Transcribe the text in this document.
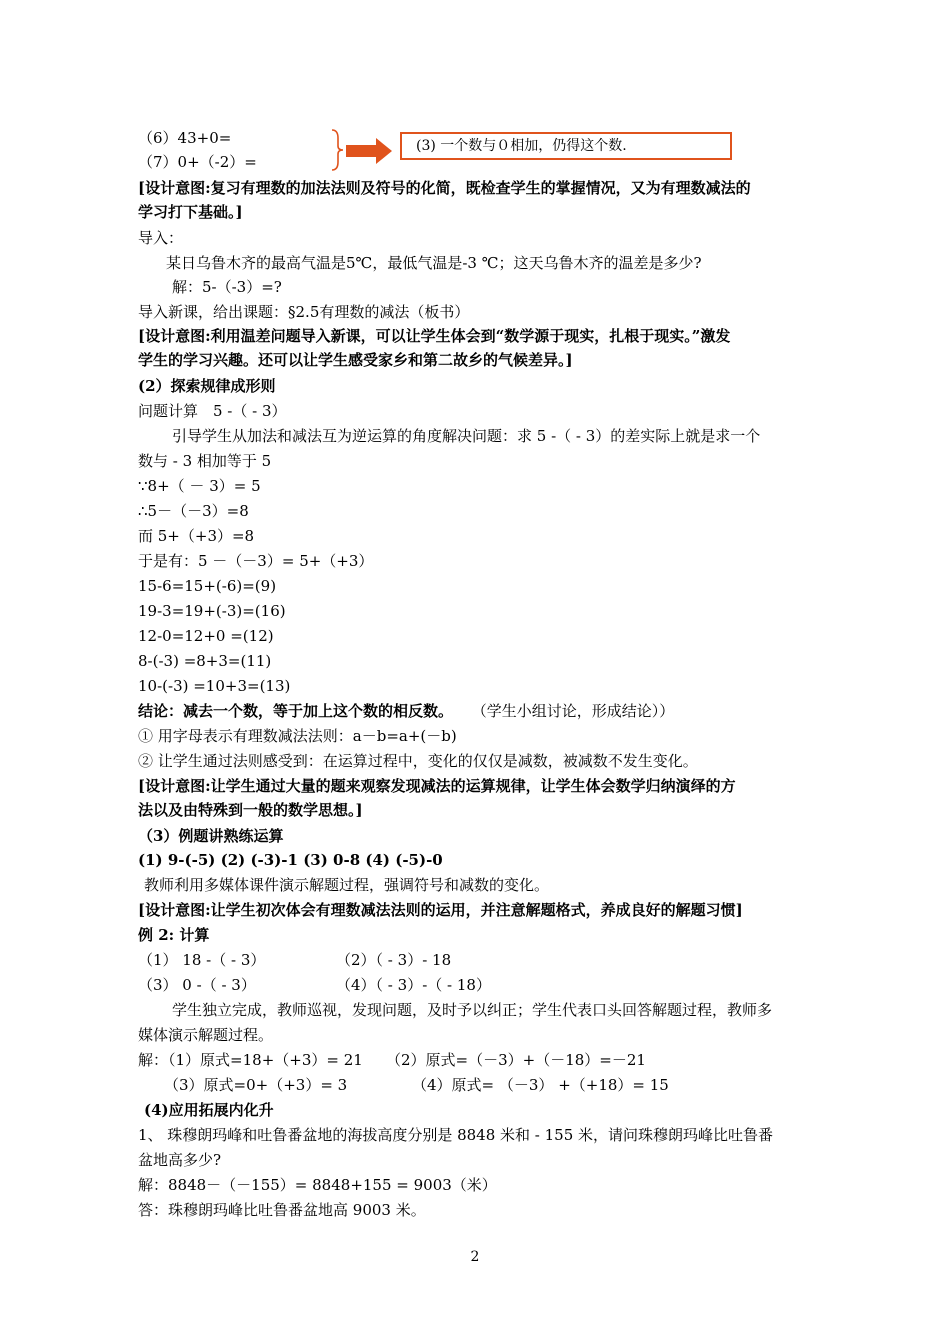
（6）43+0=
（7）0+（-2）=
(3) 一个数与０相加，仍得这个数.
[设计意图:复习有理数的加法法则及符号的化简，既检查学生的掌握情况，又为有理数减法的
学习打下基础。]
导入：
某日乌鲁木齐的最高气温是5℃，最低气温是-3 ℃；这天乌鲁木齐的温差是多少?
解：5-（-3）=?
导入新课，给出课题：§2.5有理数的减法（板书）
[设计意图:利用温差问题导入新课，可以让学生体会到“数学源于现实，扎根于现实。”激发
学生的学习兴趣。还可以让学生感受家乡和第二故乡的气候差异。]
(2）探索规律成形则
问题计算　5 -（ - 3）
引导学生从加法和减法互为逆运算的角度解决问题：求 5 -（ - 3）的差实际上就是求一个
数与 - 3 相加等于 5
∵8+（ － 3）= 5
∴5－（－3）=8
而 5+（+3）=8
于是有：5 －（－3）= 5+（+3）
15-6=15+(-6)=(9)
19-3=19+(-3)=(16)
12-0=12+0 =(12)
8-(-3) =8+3=(11)
10-(-3) =10+3=(13)
结论：减去一个数，等于加上这个数的相反数。 （学生小组讨论，形成结论））
① 用字母表示有理数减法法则：a－b=a+(－b)
② 让学生通过法则感受到：在运算过程中，变化的仅仅是减数，被减数不发生变化。
[设计意图:让学生通过大量的题来观察发现减法的运算规律，让学生体会数学归纳演绎的方
法以及由特殊到一般的数学思想。]
（3）例题讲熟练运算
(1) 9-(-5) (2) (-3)-1 (3) 0-8 (4) (-5)-0
教师利用多媒体课件演示解题过程，强调符号和减数的变化。
[设计意图:让学生初次体会有理数减法法则的运用，并注意解题格式，养成良好的解题习惯]
例 2: 计算
（1） 18 -（ - 3）	（2）（ - 3）- 18
（3） 0 -（ - 3）	（4）（ - 3）-（ - 18）
学生独立完成，教师巡视，发现问题，及时予以纠正；学生代表口头回答解题过程，教师多
媒体演示解题过程。
解：（1）原式=18+（+3）= 21 （2）原式=（－3）+（－18）=－21
（3）原式=0+（+3）= 3	（4）原式= （－3） +（+18）= 15
(4)应用拓展内化升
1、 珠穆朗玛峰和吐鲁番盆地的海拔高度分别是 8848 米和 - 155 米，请问珠穆朗玛峰比吐鲁番
盆地高多少?
解：8848－（－155）= 8848+155 = 9003（米）
答：珠穆朗玛峰比吐鲁番盆地高 9003 米。
2
